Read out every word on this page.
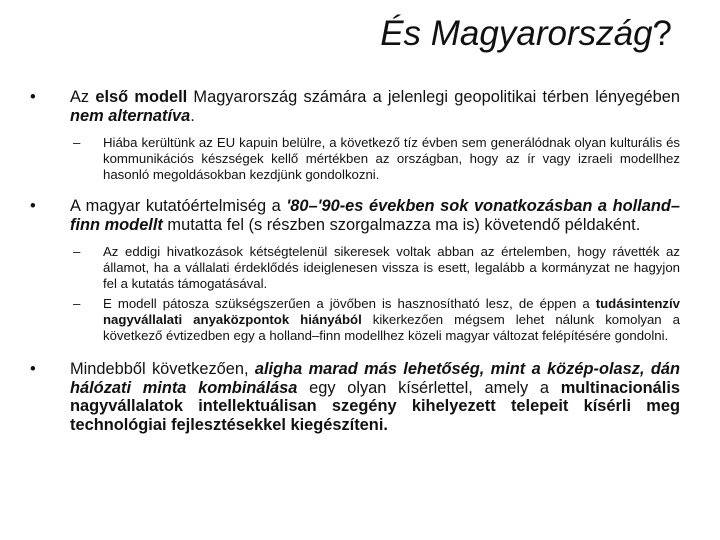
És Magyarország?
•	Az első modell Magyarország számára a jelenlegi geopolitikai térben lényegében nem alternatíva.
– Hiába kerültünk az EU kapuin belülre, a következő tíz évben sem generálódnak olyan kulturális és kommunikációs készségek kellő mértékben az országban, hogy az ír vagy izraeli modellhez hasonló megoldásokban kezdjünk gondolkozni.
•	A magyar kutatóértelmiség a '80–'90-es években sok vonatkozásban a holland–finn modellt mutatta fel (s részben szorgalmazza ma is) követendő példaként.
– Az eddigi hivatkozások kétségtelenül sikeresek voltak abban az értelemben, hogy rávették az államot, ha a vállalati érdeklődés ideiglenesen vissza is esett, legalább a kormányzat ne hagyjon fel a kutatás támogatásával.
– E modell pátosza szükségszerűen a jövőben is hasznosítható lesz, de éppen a tudásintenzív nagyvállalati anyaközpontok hiányából kikerkezően mégsem lehet nálunk komolyan a következő évtizedben egy a holland–finn modellhez közeli magyar változat felépítésére gondolni.
•	Mindebből következően, aligha marad más lehetőség, mint a közép-olasz, dán hálózati minta kombinálása egy olyan kísérlettel, amely a multinacionális nagyvállalatok intellektuálisan szegény kihelyezett telepeit kísérli meg technológiai fejlesztésekkel kiegészíteni.
